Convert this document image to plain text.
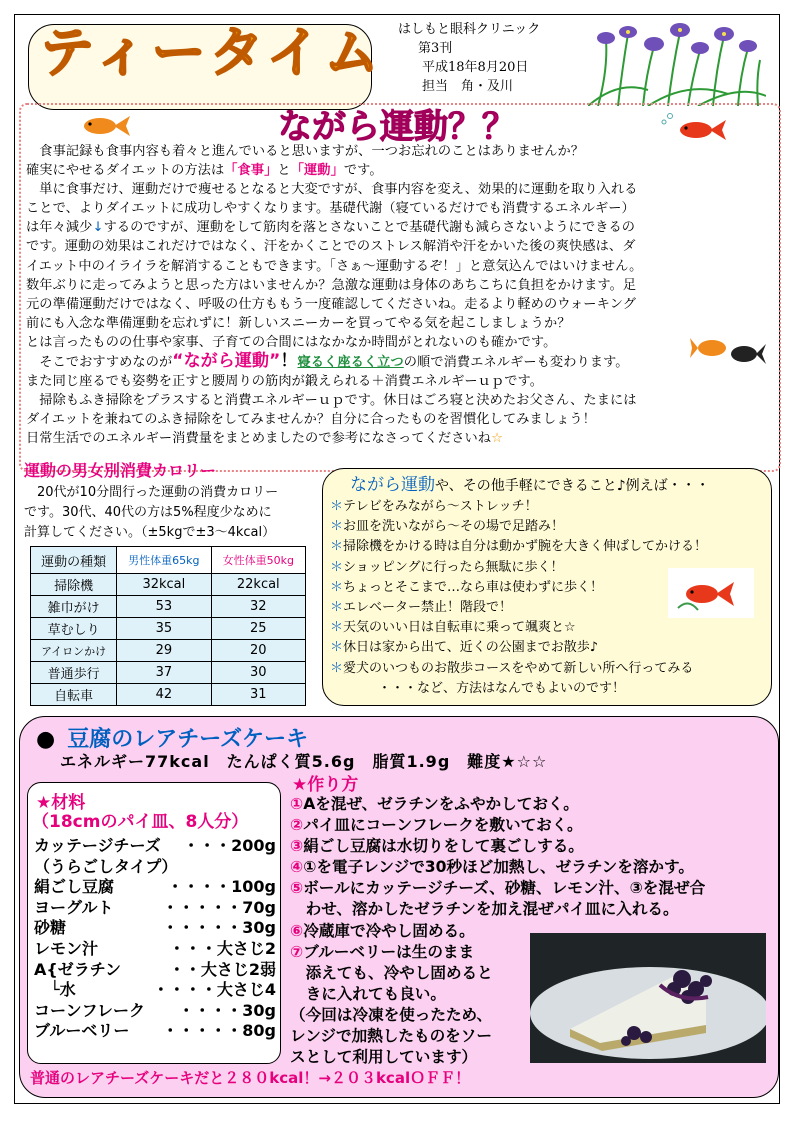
ティータイム はしもと眼科クリニック
第3刊
平成18年8月20日
担当　角・及川
ながら運動？？

　食事記録も食事内容も着々と進んでいると思いますが、一つお忘れのことはありませんか？

確実にやせるダイエットの方法は「食事」と「運動」です。

　単に食事だけ、運動だけで痩せるとなると大変ですが、食事内容を変え、効果的に運動を取り入れる

ことで、よりダイエットに成功しやすくなります。基礎代謝（寝ているだけでも消費するエネルギー）

は年々減少↓するのですが、運動をして筋肉を落とさないことで基礎代謝も減らさないようにできるの

です。運動の効果はこれだけではなく、汗をかくことでのストレス解消や汗をかいた後の爽快感は、ダ

イエット中のイライラを解消することもできます。「さぁ～運動するぞ！」と意気込んではいけません。

数年ぶりに走ってみようと思った方はいませんか？急激な運動は身体のあちこちに負担をかけます。足

元の準備運動だけではなく、呼吸の仕方ももう一度確認してくださいね。走るより軽めのウォーキング

前にも入念な準備運動を忘れずに！新しいスニーカーを買ってやる気を起こしましょうか？

とは言ったものの仕事や家事、子育ての合間にはなかなか時間がとれないのも確かです。

　そこでおすすめなのが“ながら運動”！寝るく座るく立つの順で消費エネルギーも変わります。

また同じ座るでも姿勢を正すと腰周りの筋肉が鍛えられる＋消費エネルギーｕｐです。

　掃除もふき掃除をプラスすると消費エネルギーｕｐです。休日はごろ寝と決めたお父さん、たまには

ダイエットを兼ねてのふき掃除をしてみませんか？自分に合ったものを習慣化してみましょう！

日常生活でのエネルギー消費量をまとめましたので参考になさってくださいね☆

運動の男女別消費カロリー

　20代が10分間行った運動の消費カロリー

です。30代、40代の方は5%程度少なめに

計算してください。（±5kgで±3～4kcal）

運動の種類	男性体重65kg	女性体重50kg
掃除機	32kcal	22kcal
雑巾がけ	53	32
草むしり	35	25
アイロンかけ	29	20
普通歩行	37	30
自転車	42	31
ながら運動や、その他手軽にできること♪例えば・・・
＊テレビをみながら～ストレッチ！
＊お皿を洗いながら～その場で足踏み！
＊掃除機をかける時は自分は動かず腕を大きく伸ばしてかける！
＊ショッピングに行ったら無駄に歩く！
＊ちょっとそこまで…なら車は使わずに歩く！
＊エレベーター禁止！階段で！
＊天気のいい日は自転車に乗って颯爽と☆
＊休日は家から出て、近くの公園までお散歩♪
＊愛犬のいつものお散歩コースをやめて新しい所へ行ってみる
・・・など、方法はなんでもよいのです！
● 豆腐のレアチーズケーキ
エネルギー77kcal　たんぱく質5.6g　脂質1.9g　難度★☆☆
★材料
（18cmのパイ皿、8人分）
カッテージチーズ ・・・200g
（うらごしタイプ）
絹ごし豆腐	・・・・100g
ヨーグルト	・・・・・70g
砂糖	・・・・・30g
レモン汁	・・・大さじ2
A{ゼラチン	・・大さじ2弱
　└水	・・・・大さじ4
コーンフレーク ・・・・30g
ブルーベリー ・・・・・80g
★作り方
①Aを混ぜ、ゼラチンをふやかしておく。
②パイ皿にコーンフレークを敷いておく。
③絹ごし豆腐は水切りをして裏ごしする。
④①を電子レンジで30秒ほど加熱し、ゼラチンを溶かす。
⑤ボールにカッテージチーズ、砂糖、レモン汁、③を混ぜ合
　わせ、溶かしたゼラチンを加え混ぜパイ皿に入れる。
⑥冷蔵庫で冷やし固める。
⑦ブルーベリーは生のまま
　添えても、冷やし固めると
　きに入れても良い。
（今回は冷凍を使ったため、
レンジで加熱したものをソー
スとして利用しています）
普通のレアチーズケーキだと２８０kcal！→２０３kcalＯＦＦ！
